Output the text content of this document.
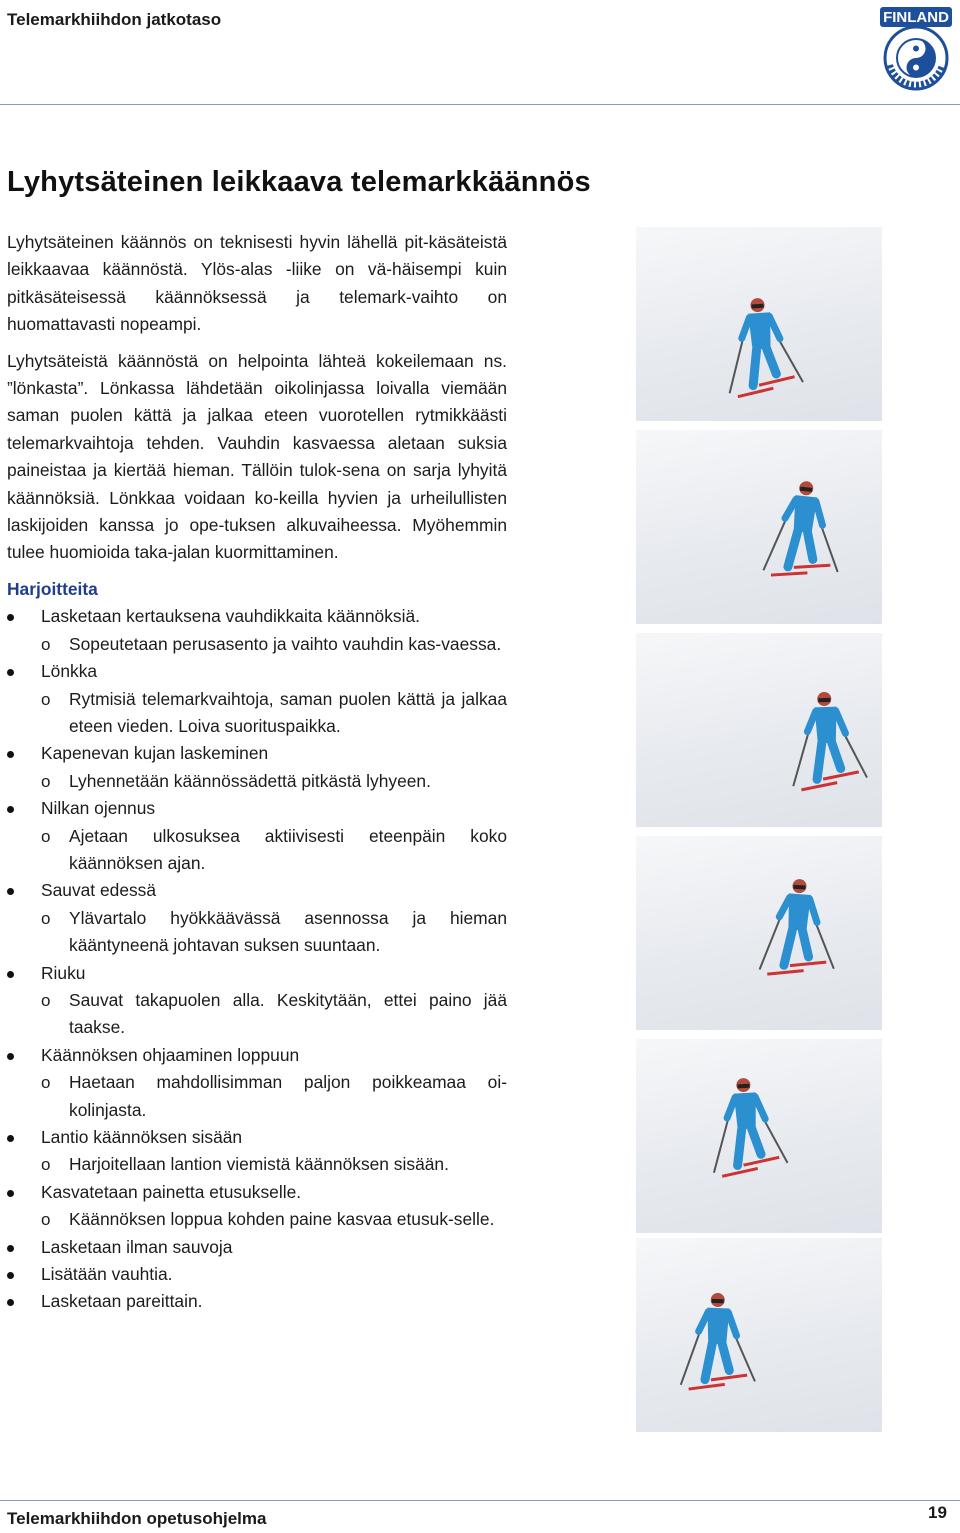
Telemarkhiihdon jatkotaso	FINLAND
Lyhytsäteinen leikkaava telemarkkäännös

Lyhytsäteinen käännös on teknisesti hyvin lähellä pit-käsäteistä leikkaavaa käännöstä. Ylös-alas -liike on vä-häisempi kuin pitkäsäteisessä käännöksessä ja telemark-vaihto on huomattavasti nopeampi.

Lyhytsäteistä käännöstä on helpointa lähteä kokeilemaan ns. ”lönkasta”. Lönkassa lähdetään oikolinjassa loivalla viemään saman puolen kättä ja jalkaa eteen vuorotellen rytmikkäästi telemarkvaihtoja tehden. Vauhdin kasvaessa aletaan suksia paineistaa ja kiertää hieman. Tällöin tulok-sena on sarja lyhyitä käännöksiä. Lönkkaa voidaan ko-keilla hyvien ja urheilullisten laskijoiden kanssa jo ope-tuksen alkuvaiheessa. Myöhemmin tulee huomioida taka-jalan kuormittaminen.

Harjoitteita
Lasketaan kertauksena vauhdikkaita käännöksiä.
o Sopeutetaan perusasento ja vaihto vauhdin kas-vaessa.
Lönkka
o Rytmisiä telemarkvaihtoja, saman puolen kättä ja jalkaa eteen vieden. Loiva suorituspaikka.
Kapenevan kujan laskeminen
o Lyhennetään käännössädettä pitkästä lyhyeen.
Nilkan ojennus
o Ajetaan ulkosuksea aktiivisesti eteenpäin koko käännöksen ajan.
Sauvat edessä
o Ylävartalo hyökkäävässä asennossa ja hieman kääntyneenä johtavan suksen suuntaan.
Riuku
o Sauvat takapuolen alla. Keskitytään, ettei paino jää taakse.
Käännöksen ohjaaminen loppuun
o Haetaan mahdollisimman paljon poikkeamaa oi-kolinjasta.
Lantio käännöksen sisään
o Harjoitellaan lantion viemistä käännöksen sisään.
Kasvatetaan painetta etusukselle.
o Käännöksen loppua kohden paine kasvaa etusuk-selle.
Lasketaan ilman sauvoja
Lisätään vauhtia.
Lasketaan pareittain.
Telemarkhiihdon opetusohjelma	19
